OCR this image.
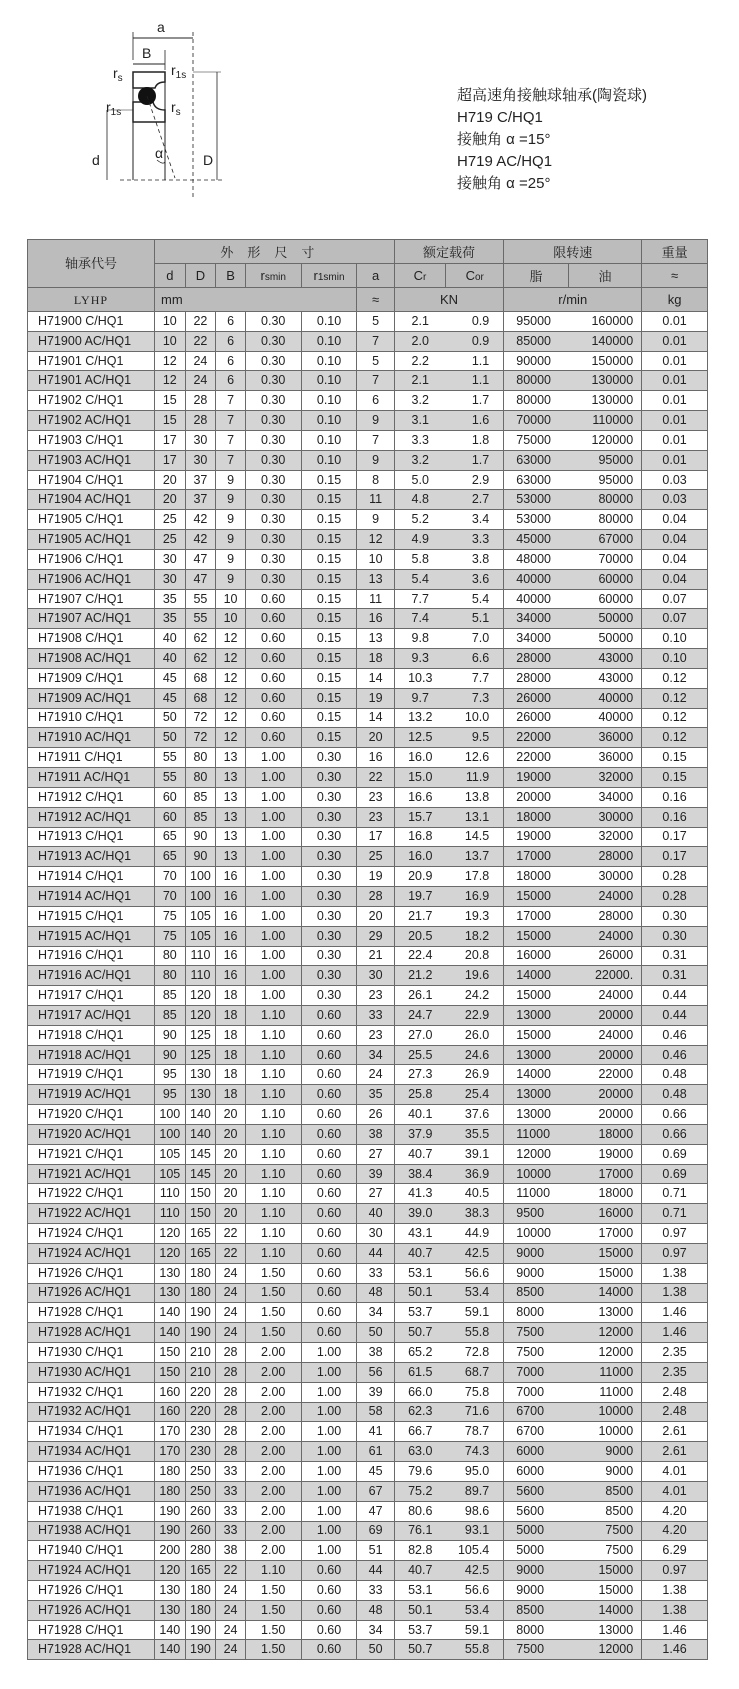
a
B
α
d	D
$r_s$
$r_{1s}$
$r_{1s}$	$r_s$
超高速角接触球轴承(陶瓷球)
H719 C/HQ1
接触角 α =15°
H719 AC/HQ1
接触角 α =25°
轴承代号	外形尺寸						额定载荷		限转速		重量
	d	D	B	rsmin	r1smin	a	Cr	Cor	脂	油	≈

LYHP	mm					≈	KN		r/min		kg
H71900 C/HQ1	10	22	6	0.30	0.10	5	2.1	0.9	95000	160000	0.01
H71900 AC/HQ1	10	22	6	0.30	0.10	7	2.0	0.9	85000	140000	0.01
H71901 C/HQ1	12	24	6	0.30	0.10	5	2.2	1.1	90000	150000	0.01
H71901 AC/HQ1	12	24	6	0.30	0.10	7	2.1	1.1	80000	130000	0.01
H71902 C/HQ1	15	28	7	0.30	0.10	6	3.2	1.7	80000	130000	0.01
H71902 AC/HQ1	15	28	7	0.30	0.10	9	3.1	1.6	70000	110000	0.01
H71903 C/HQ1	17	30	7	0.30	0.10	7	3.3	1.8	75000	120000	0.01
H71903 AC/HQ1	17	30	7	0.30	0.10	9	3.2	1.7	63000	95000	0.01
H71904 C/HQ1	20	37	9	0.30	0.15	8	5.0	2.9	63000	95000	0.03
H71904 AC/HQ1	20	37	9	0.30	0.15	11	4.8	2.7	53000	80000	0.03
H71905 C/HQ1	25	42	9	0.30	0.15	9	5.2	3.4	53000	80000	0.04
H71905 AC/HQ1	25	42	9	0.30	0.15	12	4.9	3.3	45000	67000	0.04
H71906 C/HQ1	30	47	9	0.30	0.15	10	5.8	3.8	48000	70000	0.04
H71906 AC/HQ1	30	47	9	0.30	0.15	13	5.4	3.6	40000	60000	0.04
H71907 C/HQ1	35	55	10	0.60	0.15	11	7.7	5.4	40000	60000	0.07
H71907 AC/HQ1	35	55	10	0.60	0.15	16	7.4	5.1	34000	50000	0.07
H71908 C/HQ1	40	62	12	0.60	0.15	13	9.8	7.0	34000	50000	0.10
H71908 AC/HQ1	40	62	12	0.60	0.15	18	9.3	6.6	28000	43000	0.10
H71909 C/HQ1	45	68	12	0.60	0.15	14	10.3	7.7	28000	43000	0.12
H71909 AC/HQ1	45	68	12	0.60	0.15	19	9.7	7.3	26000	40000	0.12
H71910 C/HQ1	50	72	12	0.60	0.15	14	13.2	10.0	26000	40000	0.12
H71910 AC/HQ1	50	72	12	0.60	0.15	20	12.5	9.5	22000	36000	0.12
H71911 C/HQ1	55	80	13	1.00	0.30	16	16.0	12.6	22000	36000	0.15
H71911 AC/HQ1	55	80	13	1.00	0.30	22	15.0	11.9	19000	32000	0.15
H71912 C/HQ1	60	85	13	1.00	0.30	23	16.6	13.8	20000	34000	0.16
H71912 AC/HQ1	60	85	13	1.00	0.30	23	15.7	13.1	18000	30000	0.16
H71913 C/HQ1	65	90	13	1.00	0.30	17	16.8	14.5	19000	32000	0.17
H71913 AC/HQ1	65	90	13	1.00	0.30	25	16.0	13.7	17000	28000	0.17
H71914 C/HQ1	70	100	16	1.00	0.30	19	20.9	17.8	18000	30000	0.28
H71914 AC/HQ1	70	100	16	1.00	0.30	28	19.7	16.9	15000	24000	0.28
H71915 C/HQ1	75	105	16	1.00	0.30	20	21.7	19.3	17000	28000	0.30
H71915 AC/HQ1	75	105	16	1.00	0.30	29	20.5	18.2	15000	24000	0.30
H71916 C/HQ1	80	110	16	1.00	0.30	21	22.4	20.8	16000	26000	0.31
H71916 AC/HQ1	80	110	16	1.00	0.30	30	21.2	19.6	14000	22000.	0.31
H71917 C/HQ1	85	120	18	1.00	0.30	23	26.1	24.2	15000	24000	0.44
H71917 AC/HQ1	85	120	18	1.10	0.60	33	24.7	22.9	13000	20000	0.44
H71918 C/HQ1	90	125	18	1.10	0.60	23	27.0	26.0	15000	24000	0.46
H71918 AC/HQ1	90	125	18	1.10	0.60	34	25.5	24.6	13000	20000	0.46
H71919 C/HQ1	95	130	18	1.10	0.60	24	27.3	26.9	14000	22000	0.48
H71919 AC/HQ1	95	130	18	1.10	0.60	35	25.8	25.4	13000	20000	0.48
H71920 C/HQ1	100	140	20	1.10	0.60	26	40.1	37.6	13000	20000	0.66
H71920 AC/HQ1	100	140	20	1.10	0.60	38	37.9	35.5	11000	18000	0.66
H71921 C/HQ1	105	145	20	1.10	0.60	27	40.7	39.1	12000	19000	0.69
H71921 AC/HQ1	105	145	20	1.10	0.60	39	38.4	36.9	10000	17000	0.69
H71922 C/HQ1	110	150	20	1.10	0.60	27	41.3	40.5	11000	18000	0.71
H71922 AC/HQ1	110	150	20	1.10	0.60	40	39.0	38.3	9500	16000	0.71
H71924 C/HQ1	120	165	22	1.10	0.60	30	43.1	44.9	10000	17000	0.97
H71924 AC/HQ1	120	165	22	1.10	0.60	44	40.7	42.5	9000	15000	0.97
H71926 C/HQ1	130	180	24	1.50	0.60	33	53.1	56.6	9000	15000	1.38
H71926 AC/HQ1	130	180	24	1.50	0.60	48	50.1	53.4	8500	14000	1.38
H71928 C/HQ1	140	190	24	1.50	0.60	34	53.7	59.1	8000	13000	1.46
H71928 AC/HQ1	140	190	24	1.50	0.60	50	50.7	55.8	7500	12000	1.46
H71930 C/HQ1	150	210	28	2.00	1.00	38	65.2	72.8	7500	12000	2.35
H71930 AC/HQ1	150	210	28	2.00	1.00	56	61.5	68.7	7000	11000	2.35
H71932 C/HQ1	160	220	28	2.00	1.00	39	66.0	75.8	7000	11000	2.48
H71932 AC/HQ1	160	220	28	2.00	1.00	58	62.3	71.6	6700	10000	2.48
H71934 C/HQ1	170	230	28	2.00	1.00	41	66.7	78.7	6700	10000	2.61
H71934 AC/HQ1	170	230	28	2.00	1.00	61	63.0	74.3	6000	9000	2.61
H71936 C/HQ1	180	250	33	2.00	1.00	45	79.6	95.0	6000	9000	4.01
H71936 AC/HQ1	180	250	33	2.00	1.00	67	75.2	89.7	5600	8500	4.01
H71938 C/HQ1	190	260	33	2.00	1.00	47	80.6	98.6	5600	8500	4.20
H71938 AC/HQ1	190	260	33	2.00	1.00	69	76.1	93.1	5000	7500	4.20
H71940 C/HQ1	200	280	38	2.00	1.00	51	82.8	105.4	5000	7500	6.29
H71924 AC/HQ1	120	165	22	1.10	0.60	44	40.7	42.5	9000	15000	0.97
H71926 C/HQ1	130	180	24	1.50	0.60	33	53.1	56.6	9000	15000	1.38
H71926 AC/HQ1	130	180	24	1.50	0.60	48	50.1	53.4	8500	14000	1.38
H71928 C/HQ1	140	190	24	1.50	0.60	34	53.7	59.1	8000	13000	1.46
H71928 AC/HQ1	140	190	24	1.50	0.60	50	50.7	55.8	7500	12000	1.46
